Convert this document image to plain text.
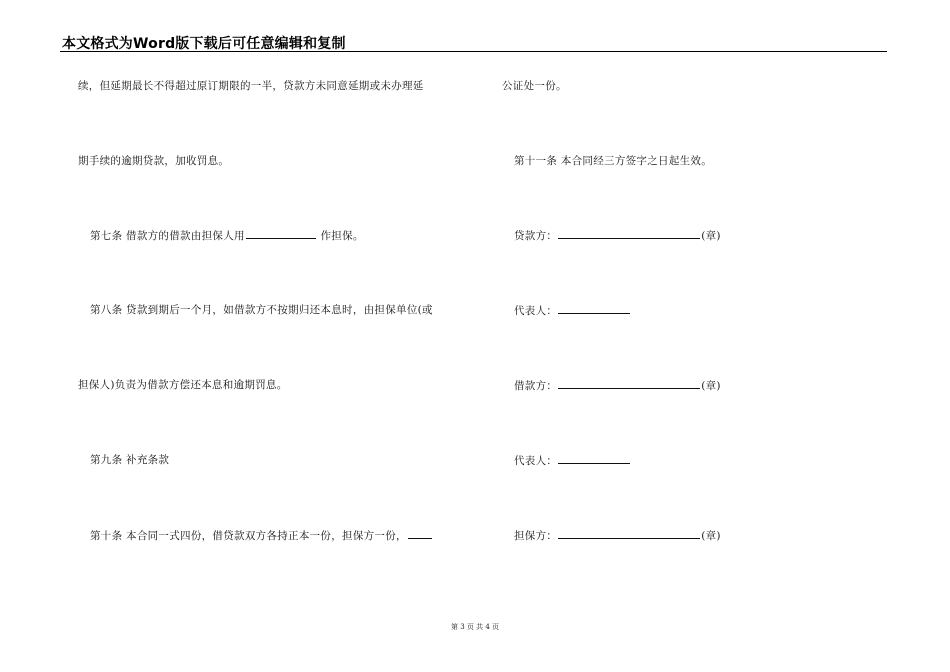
本文格式为Word版下载后可任意编辑和复制
续，但延期最长不得超过原订期限的一半，贷款方未同意延期或未办理延
期手续的逾期贷款，加收罚息。
第七条 借款方的借款由担保人用	作担保。
第八条 贷款到期后一个月，如借款方不按期归还本息时，由担保单位(或
担保人)负责为借款方偿还本息和逾期罚息。
第九条 补充条款
第十条 本合同一式四份，借贷款双方各持正本一份，担保方一份，
公证处一份。
第十一条 本合同经三方签字之日起生效。
贷款方：	(章)
代表人：
借款方：	(章)
代表人：
担保方：	(章)
第 3 页 共 4 页
